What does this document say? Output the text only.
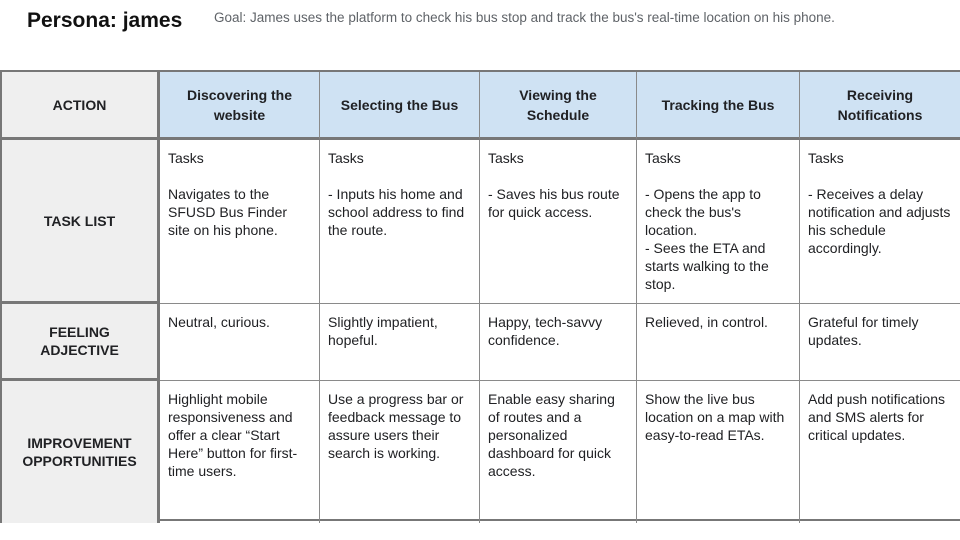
Persona: james Goal: James uses the platform to check his bus stop and track the bus's real-time location on his phone.
ACTION
Discovering the website
Selecting the Bus
Viewing the Schedule
Tracking the Bus
Receiving Notifications
TASK LIST
Tasks
Navigates to the SFUSD Bus Finder site on his phone.
Tasks
- Inputs his home and school address to find the route.
Tasks
- Saves his bus route for quick access.
Tasks
- Opens the app to check the bus's location.
- Sees the ETA and starts walking to the stop.
Tasks
- Receives a delay notification and adjusts his schedule accordingly.
FEELING ADJECTIVE
Neutral, curious.	Slightly impatient, hopeful.
Happy, tech-savvy confidence.
Relieved, in control.	Grateful for timely updates.
IMPROVEMENT OPPORTUNITIES
Highlight mobile responsiveness and offer a clear “Start Here” button for first-time users.
Use a progress bar or feedback message to assure users their search is working.
Enable easy sharing of routes and a personalized dashboard for quick access.
Show the live bus location on a map with easy-to-read ETAs.
Add push notifications and SMS alerts for critical updates.
